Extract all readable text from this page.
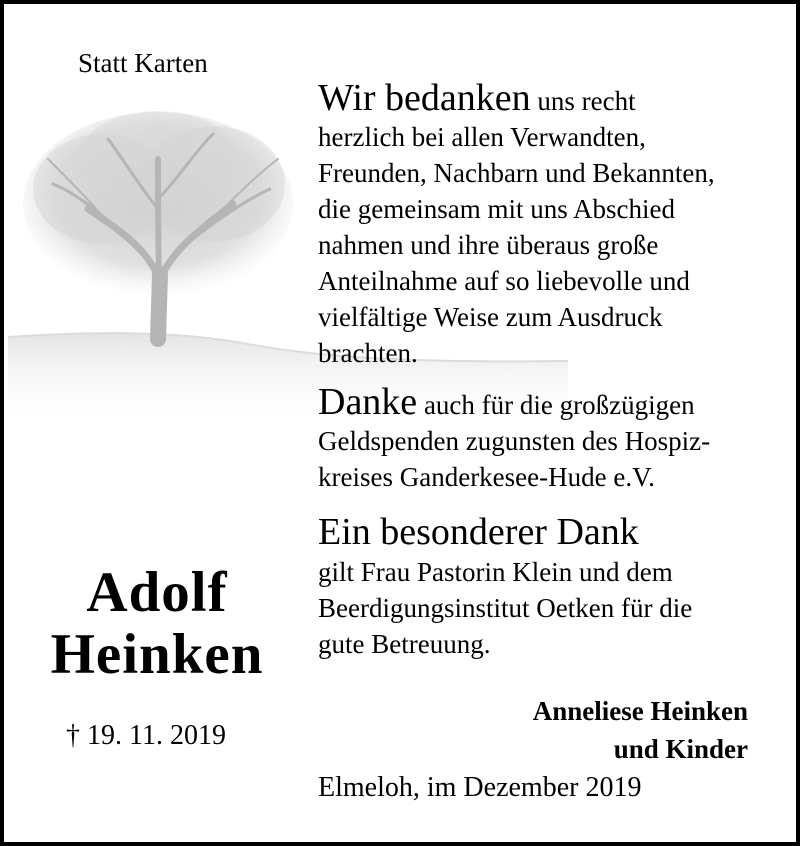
Statt Karten
Adolf
Heinken
† 19. 11. 2019
Wir bedanken uns recht
herzlich bei allen Verwandten,
Freunden, Nachbarn und Bekannten,
die gemeinsam mit uns Abschied
nahmen und ihre überaus große
Anteilnahme auf so liebevolle und
vielfältige Weise zum Ausdruck
brachten.
Danke auch für die großzügigen
Geldspenden zugunsten des Hospiz-
kreises Ganderkesee-Hude e.V.
Ein besonderer Dank
gilt Frau Pastorin Klein und dem
Beerdigungsinstitut Oetken für die
gute Betreuung.
Anneliese Heinken
und Kinder
Elmeloh, im Dezember 2019
